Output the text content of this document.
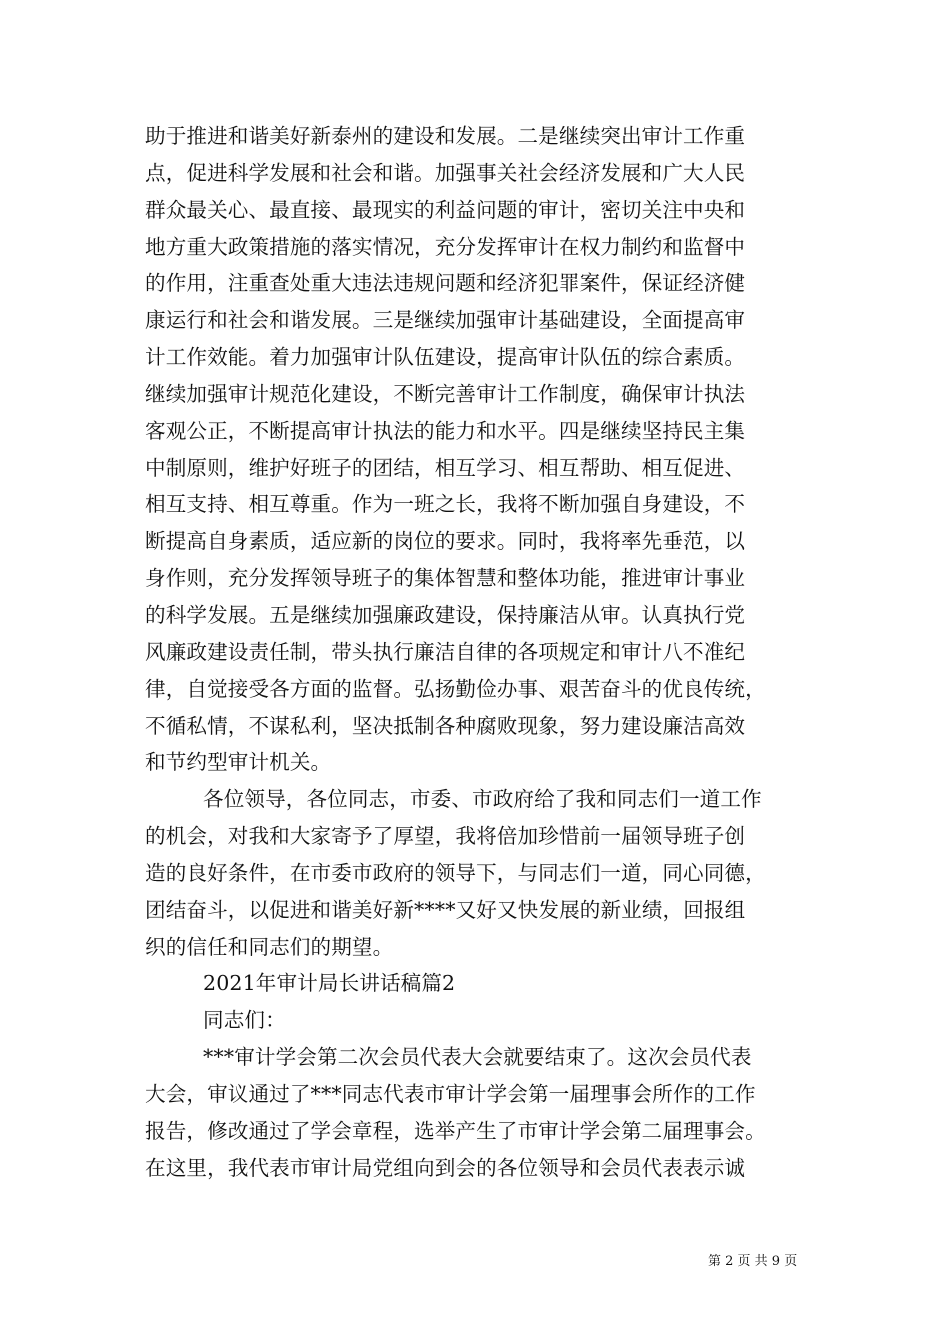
助于推进和谐美好新泰州的建设和发展。二是继续突出审计工作重
点，促进科学发展和社会和谐。加强事关社会经济发展和广大人民
群众最关心、最直接、最现实的利益问题的审计，密切关注中央和
地方重大政策措施的落实情况，充分发挥审计在权力制约和监督中
的作用，注重查处重大违法违规问题和经济犯罪案件，保证经济健
康运行和社会和谐发展。三是继续加强审计基础建设，全面提高审
计工作效能。着力加强审计队伍建设，提高审计队伍的综合素质。
继续加强审计规范化建设，不断完善审计工作制度，确保审计执法
客观公正，不断提高审计执法的能力和水平。四是继续坚持民主集
中制原则，维护好班子的团结，相互学习、相互帮助、相互促进、
相互支持、相互尊重。作为一班之长，我将不断加强自身建设，不
断提高自身素质，适应新的岗位的要求。同时，我将率先垂范，以
身作则，充分发挥领导班子的集体智慧和整体功能，推进审计事业
的科学发展。五是继续加强廉政建设，保持廉洁从审。认真执行党
风廉政建设责任制，带头执行廉洁自律的各项规定和审计八不准纪
律，自觉接受各方面的监督。弘扬勤俭办事、艰苦奋斗的优良传统，
不循私情，不谋私利，坚决抵制各种腐败现象，努力建设廉洁高效
和节约型审计机关。
各位领导，各位同志，市委、市政府给了我和同志们一道工作
的机会，对我和大家寄予了厚望，我将倍加珍惜前一届领导班子创
造的良好条件，在市委市政府的领导下，与同志们一道，同心同德，
团结奋斗，以促进和谐美好新****又好又快发展的新业绩，回报组
织的信任和同志们的期望。
2021年审计局长讲话稿篇2
同志们：
***审计学会第二次会员代表大会就要结束了。这次会员代表
大会，审议通过了***同志代表市审计学会第一届理事会所作的工作
报告，修改通过了学会章程，选举产生了市审计学会第二届理事会。
在这里，我代表市审计局党组向到会的各位领导和会员代表表示诚
第 2 页 共 9 页
